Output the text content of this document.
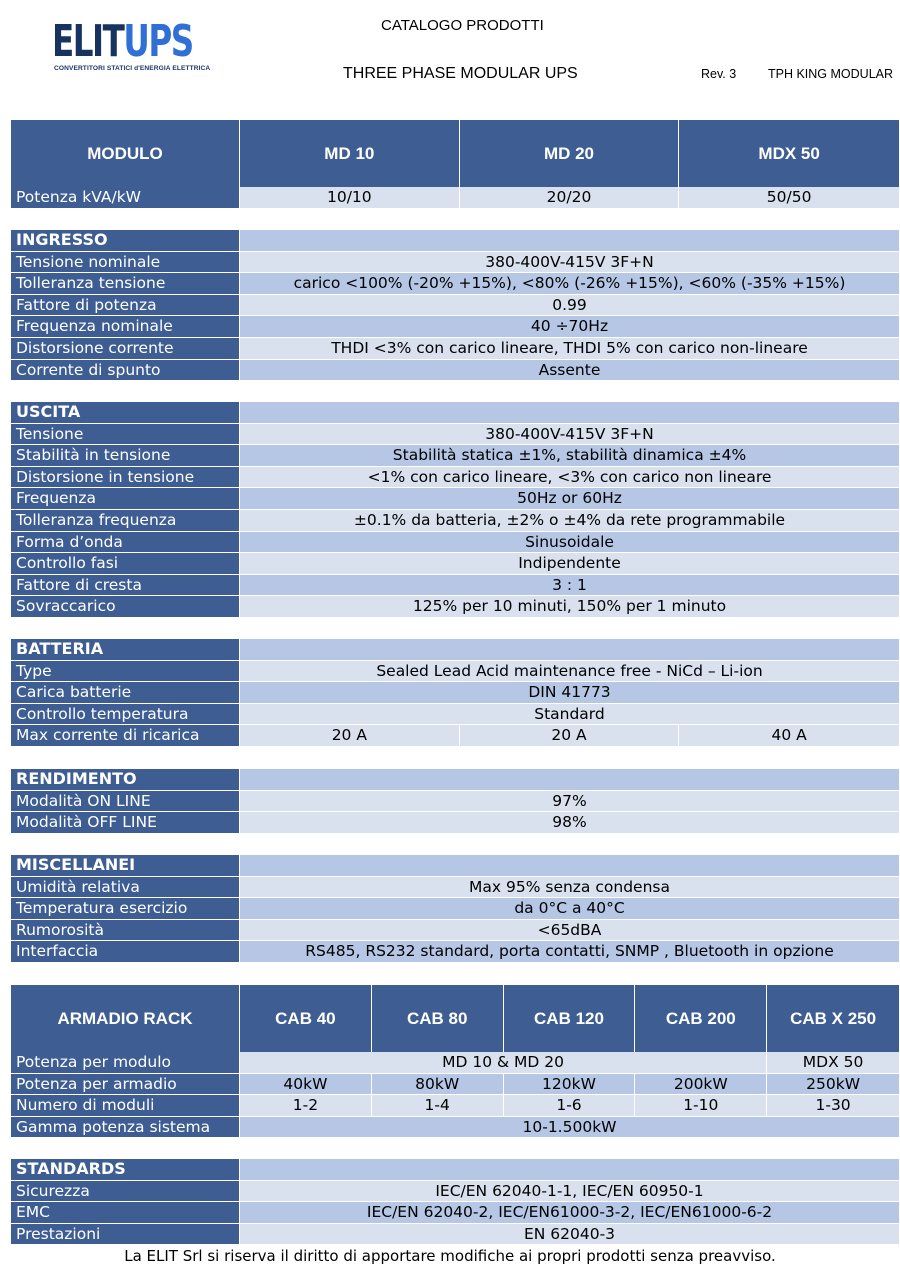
ELITUPS
CONVERTITORI STATICI d'ENERGIA ELETTRICA
CATALOGO PRODOTTI
THREE PHASE MODULAR UPS	Rev. 3	TPH KING MODULAR
MODULO	MD 10	MD 20	MDX 50
Potenza kVA/kW	10/10	20/20	50/50
INGRESSO
Tensione nominale	380-400V-415V 3F+N
Tolleranza tensione	carico <100% (-20% +15%), <80% (-26% +15%), <60% (-35% +15%)
Fattore di potenza	0.99
Frequenza nominale	40 ÷70Hz
Distorsione corrente	THDI <3% con carico lineare, THDI 5% con carico non-lineare
Corrente di spunto	Assente
USCITA
Tensione	380-400V-415V 3F+N
Stabilità in tensione	Stabilità statica ±1%, stabilità dinamica ±4%
Distorsione in tensione	<1% con carico lineare, <3% con carico non lineare
Frequenza	50Hz or 60Hz
Tolleranza frequenza	±0.1% da batteria, ±2% o ±4% da rete programmabile
Forma d’onda	Sinusoidale
Controllo fasi	Indipendente
Fattore di cresta	3 : 1
Sovraccarico	125% per 10 minuti, 150% per 1 minuto
BATTERIA
Type	Sealed Lead Acid maintenance free - NiCd – Li-ion
Carica batterie	DIN 41773
Controllo temperatura	Standard
Max corrente di ricarica	20 A	20 A	40 A
RENDIMENTO
Modalità ON LINE	97%
Modalità OFF LINE	98%
MISCELLANEI
Umidità relativa	Max 95% senza condensa
Temperatura esercizio	da 0°C a 40°C
Rumorosità	<65dBA
Interfaccia	RS485, RS232 standard, porta contatti, SNMP , Bluetooth in opzione
ARMADIO RACK	CAB 40	CAB 80	CAB 120	CAB 200	CAB X 250
Potenza per modulo	MD 10 & MD 20	MDX 50
Potenza per armadio	40kW	80kW	120kW	200kW	250kW
Numero di moduli	1-2	1-4	1-6	1-10	1-30
Gamma potenza sistema	10-1.500kW
STANDARDS
Sicurezza	IEC/EN 62040-1-1, IEC/EN 60950-1
EMC	IEC/EN 62040-2, IEC/EN61000-3-2, IEC/EN61000-6-2
Prestazioni	EN 62040-3
La ELIT Srl si riserva il diritto di apportare modifiche ai propri prodotti senza preavviso.
